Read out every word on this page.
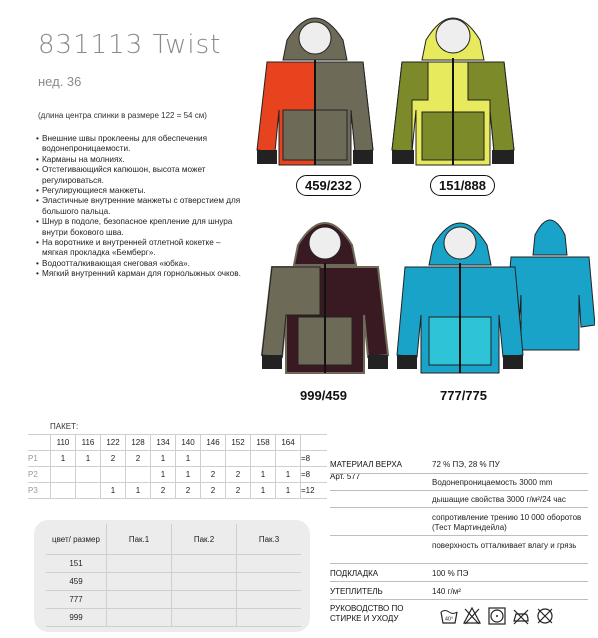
831113 Twist
нед. 36
(длина центра спинки в размере 122 = 54 см)
• Внешние швы проклеены для обеспечения водонепроницаемости.
• Карманы на молниях.
• Отстегивающийся капюшон, высота может регулироваться.
• Регулирующиеся манжеты.
• Эластичные внутренние манжеты с отверстием для большого пальца.
• Шнур в подоле, безопасное крепление для шнура внутри бокового шва.
• На воротнике и внутренней отлетной кокетке – мягкая прокладка «Бемберг».
• Водоотталкивающая снеговая «юбка».
• Мягкий внутренний карман для горнолыжных очков.
459/232	151/888
999/459	777/775
ПАКЕТ:
	110	116	122	128	134	140	146	152	158	164	
P1	1	1	2	2	1	1					=8
P2					1	1	2	2	1	1	=8
P3			1	1	2	2	2	2	1	1	=12
цвет/ размер	Пак.1	Пак.2	Пак.3
151			
459			
777			
999			
МАТЕРИАЛ ВЕРХА
Арт. 577
72 % ПЭ, 28 % ПУ
Водонепроницаемость 3000 mm
дышащие свойства 3000 г/м²/24 час
сопротивление трению 10 000 оборотов (Тест Мартиндейла)
поверхность отталкивает влагу и грязь
ПОДКЛАДКА	100 % ПЭ
УТЕПЛИТЕЛЬ	140 г/м²
РУКОВОДСТВО ПО СТИРКЕ И УХОДУ	40°
